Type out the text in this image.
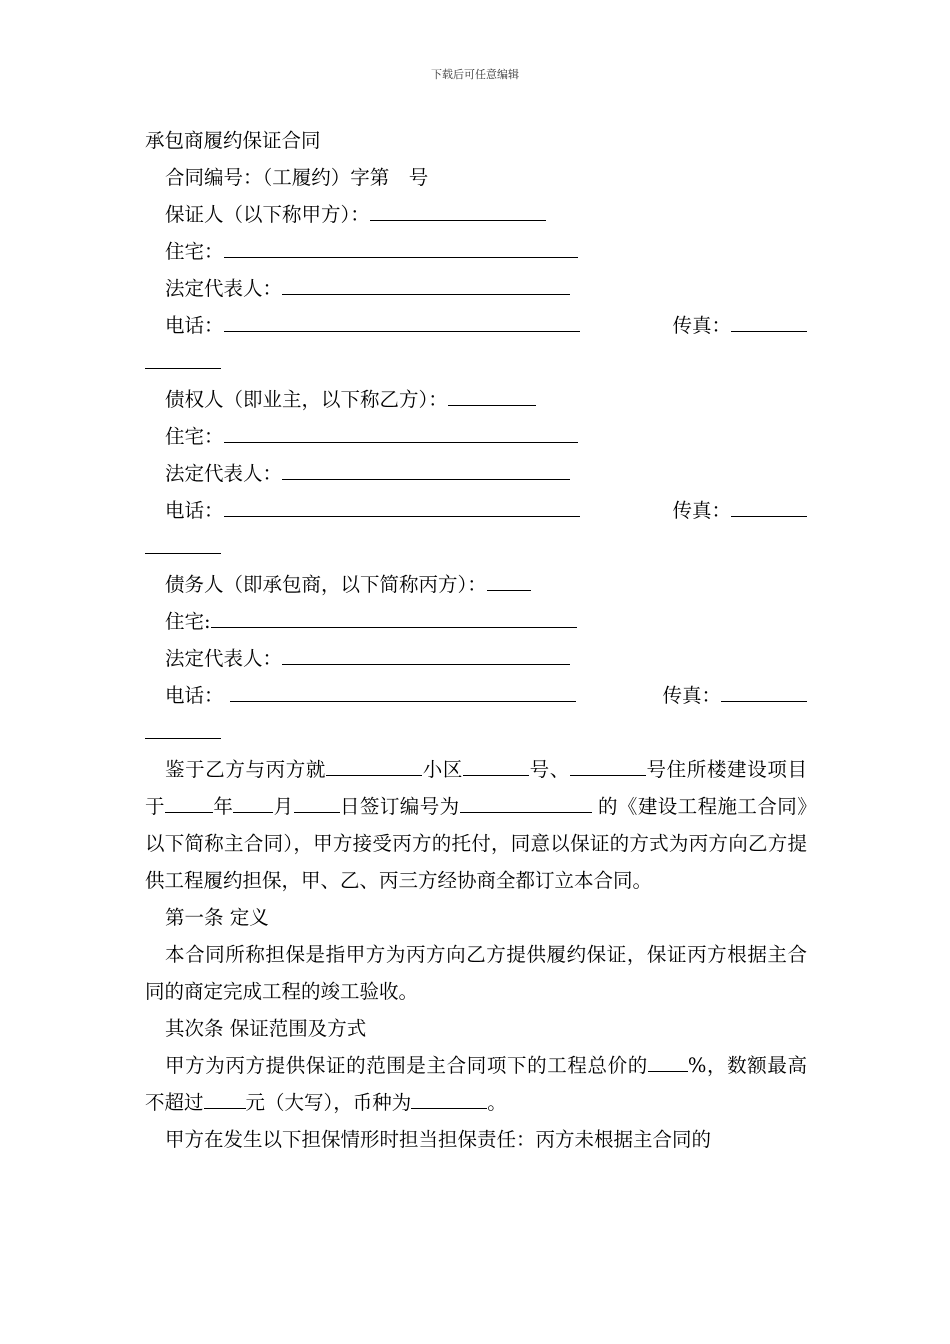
下载后可任意编辑
承包商履约保证合同
合同编号：（工履约）字第　号
保证人（以下称甲方）：
住宅：
法定代表人：
电话：	传真：
债权人（即业主，以下称乙方）：
住宅：
法定代表人：
电话：	传真：
债务人（即承包商，以下简称丙方）：
住宅:
法定代表人：
电话：	传真：
鉴于乙方与丙方就	小区	号、	号住所楼建设项目于 年 月 日签订编号为	的《建设工程施工合同》以下简称主合同），甲方接受丙方的托付，同意以保证的方式为丙方向乙方提供工程履约担保，甲、乙、丙三方经协商全都订立本合同。
第一条 定义
本合同所称担保是指甲方为丙方向乙方提供履约保证，保证丙方根据主合同的商定完成工程的竣工验收。
其次条 保证范围及方式
甲方为丙方提供保证的范围是主合同项下的工程总价的 %，数额最高不超过 元（大写），币种为	。
甲方在发生以下担保情形时担当担保责任：丙方未根据主合同的
